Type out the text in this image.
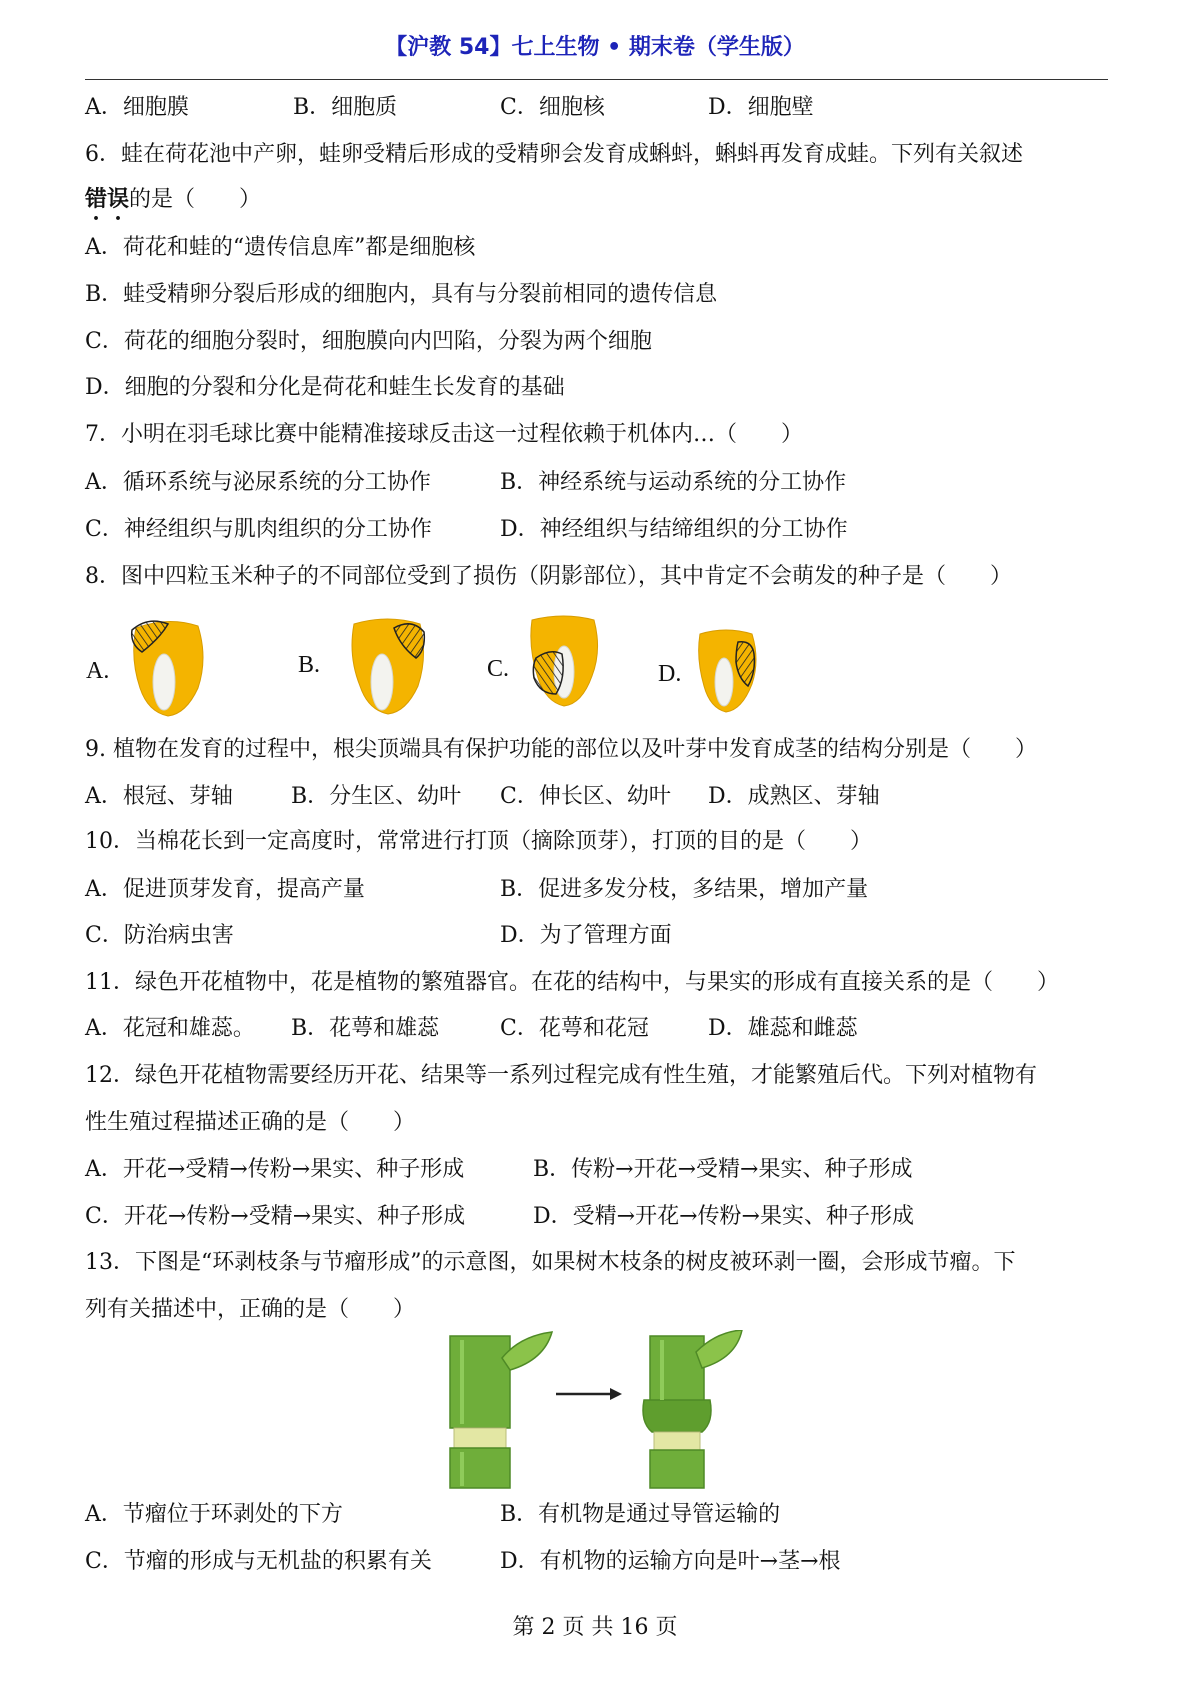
【沪教 54】七上生物 • 期末卷（学生版）
A．细胞膜	B．细胞质	C．细胞核	D．细胞壁
6．蛙在荷花池中产卵，蛙卵受精后形成的受精卵会发育成蝌蚪，蝌蚪再发育成蛙。下列有关叙述
错误的是（　　）
A．荷花和蛙的“遗传信息库”都是细胞核
B．蛙受精卵分裂后形成的细胞内，具有与分裂前相同的遗传信息
C．荷花的细胞分裂时，细胞膜向内凹陷，分裂为两个细胞
D．细胞的分裂和分化是荷花和蛙生长发育的基础
7．小明在羽毛球比赛中能精准接球反击这一过程依赖于机体内…（　　）
A．循环系统与泌尿系统的分工协作	B．神经系统与运动系统的分工协作
C．神经组织与肌肉组织的分工协作	D．神经组织与结缔组织的分工协作
8．图中四粒玉米种子的不同部位受到了损伤（阴影部位），其中肯定不会萌发的种子是（　　）
A.	B.	C.	D.
9. 植物在发育的过程中，根尖顶端具有保护功能的部位以及叶芽中发育成茎的结构分别是（　　）
A．根冠、芽轴	B．分生区、幼叶 C．伸长区、幼叶 D．成熟区、芽轴
10．当棉花长到一定高度时，常常进行打顶（摘除顶芽），打顶的目的是（　　）
A．促进顶芽发育，提高产量	B．促进多发分枝，多结果，增加产量
C．防治病虫害	D．为了管理方面
11．绿色开花植物中，花是植物的繁殖器官。在花的结构中，与果实的形成有直接关系的是（　　）
A．花冠和雄蕊。 B．花萼和雄蕊	C．花萼和花冠	D．雄蕊和雌蕊
12．绿色开花植物需要经历开花、结果等一系列过程完成有性生殖，才能繁殖后代。下列对植物有
性生殖过程描述正确的是（　　）
A．开花→受精→传粉→果实、种子形成	B．传粉→开花→受精→果实、种子形成
C．开花→传粉→受精→果实、种子形成	D．受精→开花→传粉→果实、种子形成
13．下图是“环剥枝条与节瘤形成”的示意图，如果树木枝条的树皮被环剥一圈，会形成节瘤。下
列有关描述中，正确的是（　　）
A．节瘤位于环剥处的下方	B．有机物是通过导管运输的
C．节瘤的形成与无机盐的积累有关	D．有机物的运输方向是叶→茎→根
第 2 页 共 16 页
